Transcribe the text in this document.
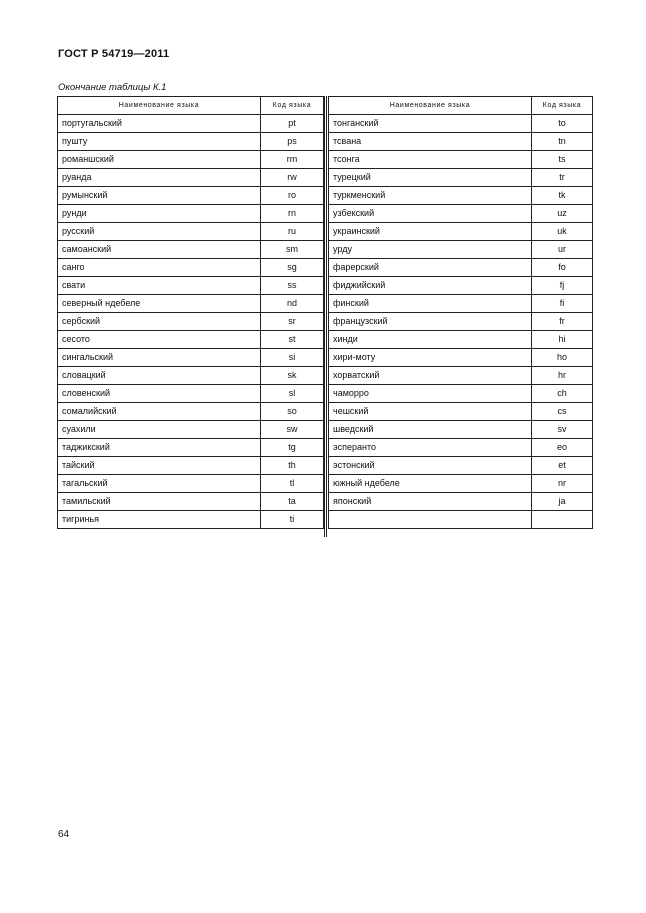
ГОСТ Р 54719—2011
Окончание таблицы К.1
Наименование языка	Код языка
португальский	pt
пушту	ps
романшский	rm
руанда	rw
румынский	ro
рунди	rn
русский	ru
самоанский	sm
санго	sg
свати	ss
северный ндебеле	nd
сербский	sr
сесото	st
сингальский	si
словацкий	sk
словенский	sl
сомалийский	so
суахили	sw
таджикский	tg
тайский	th
тагальский	tl
тамильский	ta
тигринья	ti
Наименование языка	Код языка
тонганский	to
тсвана	tn
тсонга	ts
турецкий	tr
туркменский	tk
узбекский	uz
украинский	uk
урду	ur
фарерский	fo
фиджийский	fj
финский	fi
французский	fr
хинди	hi
хири-моту	ho
хорватский	hr
чаморро	ch
чешский	cs
шведский	sv
эсперанто	eo
эстонский	et
южный ндебеле	nr
японский	ja

64
